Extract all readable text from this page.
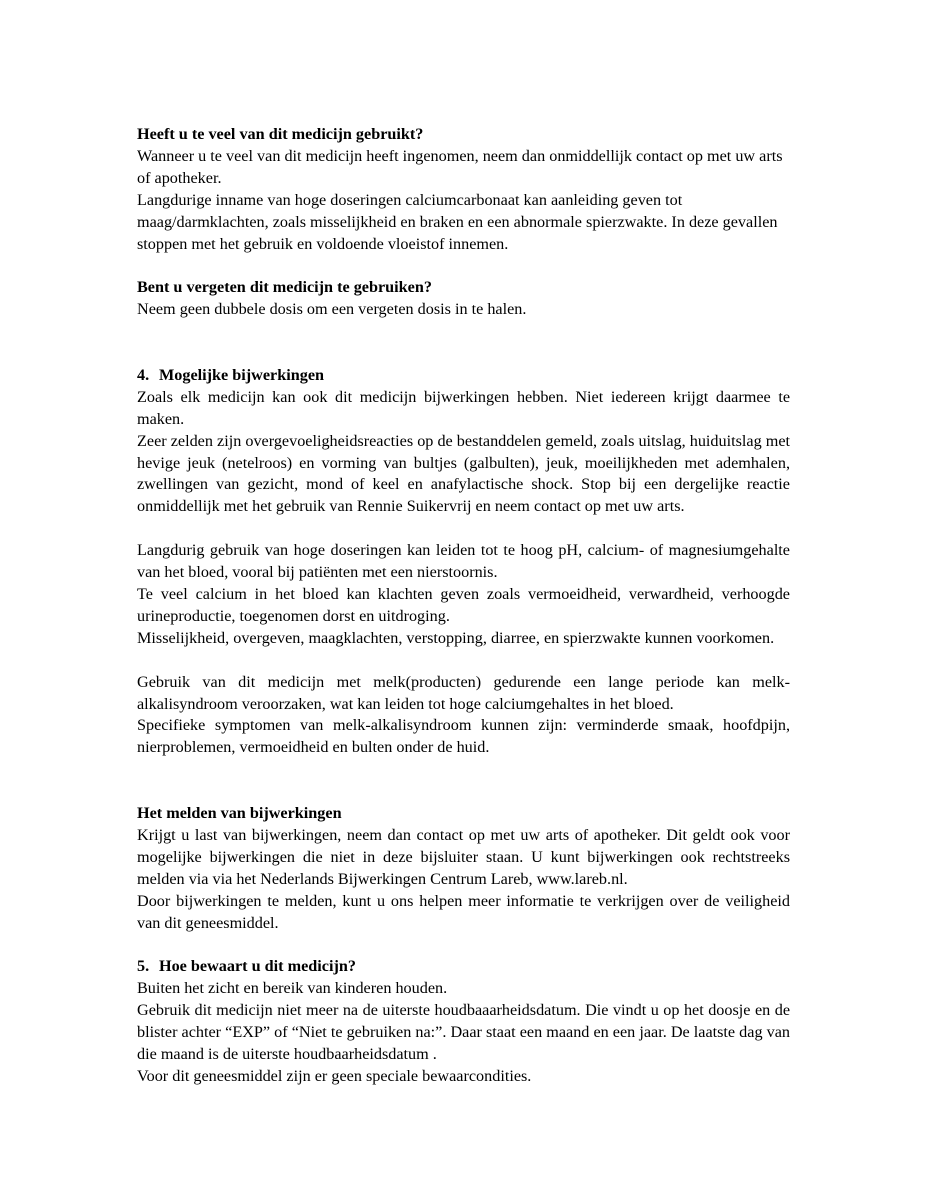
Heeft u te veel van dit medicijn gebruikt?

Wanneer u te veel van dit medicijn heeft ingenomen, neem dan onmiddellijk contact op met uw arts of apotheker.

Langdurige inname van hoge doseringen calciumcarbonaat kan aanleiding geven tot maag/darmklachten, zoals misselijkheid en braken en een abnormale spierzwakte. In deze gevallen stoppen met het gebruik en voldoende vloeistof innemen.

Bent u vergeten dit medicijn te gebruiken?

Neem geen dubbele dosis om een vergeten dosis in te halen.

4. Mogelijke bijwerkingen

Zoals elk medicijn kan ook dit medicijn bijwerkingen hebben. Niet iedereen krijgt daarmee te maken.

Zeer zelden zijn overgevoeligheidsreacties op de bestanddelen gemeld, zoals uitslag, huiduitslag met hevige jeuk (netelroos) en vorming van bultjes (galbulten), jeuk, moeilijkheden met ademhalen, zwellingen van gezicht, mond of keel en anafylactische shock. Stop bij een dergelijke reactie onmiddellijk met het gebruik van Rennie Suikervrij en neem contact op met uw arts.

Langdurig gebruik van hoge doseringen kan leiden tot te hoog pH, calcium- of magnesiumgehalte van het bloed, vooral bij patiënten met een nierstoornis.

Te veel calcium in het bloed kan klachten geven zoals vermoeidheid, verwardheid, verhoogde urineproductie, toegenomen dorst en uitdroging.

Misselijkheid, overgeven, maagklachten, verstopping, diarree, en spierzwakte kunnen voorkomen.

Gebruik van dit medicijn met melk(producten) gedurende een lange periode kan melk-alkalisyndroom veroorzaken, wat kan leiden tot hoge calciumgehaltes in het bloed.

Specifieke symptomen van melk-alkalisyndroom kunnen zijn: verminderde smaak, hoofdpijn, nierproblemen, vermoeidheid en bulten onder de huid.

Het melden van bijwerkingen

Krijgt u last van bijwerkingen, neem dan contact op met uw arts of apotheker. Dit geldt ook voor mogelijke bijwerkingen die niet in deze bijsluiter staan. U kunt bijwerkingen ook rechtstreeks melden via via het Nederlands Bijwerkingen Centrum Lareb, www.lareb.nl.

Door bijwerkingen te melden, kunt u ons helpen meer informatie te verkrijgen over de veiligheid van dit geneesmiddel.

5. Hoe bewaart u dit medicijn?

Buiten het zicht en bereik van kinderen houden.

Gebruik dit medicijn niet meer na de uiterste houdbaaarheidsdatum. Die vindt u op het doosje en de blister achter “EXP” of “Niet te gebruiken na:”. Daar staat een maand en een jaar. De laatste dag van die maand is de uiterste houdbaarheidsdatum .

Voor dit geneesmiddel zijn er geen speciale bewaarcondities.
